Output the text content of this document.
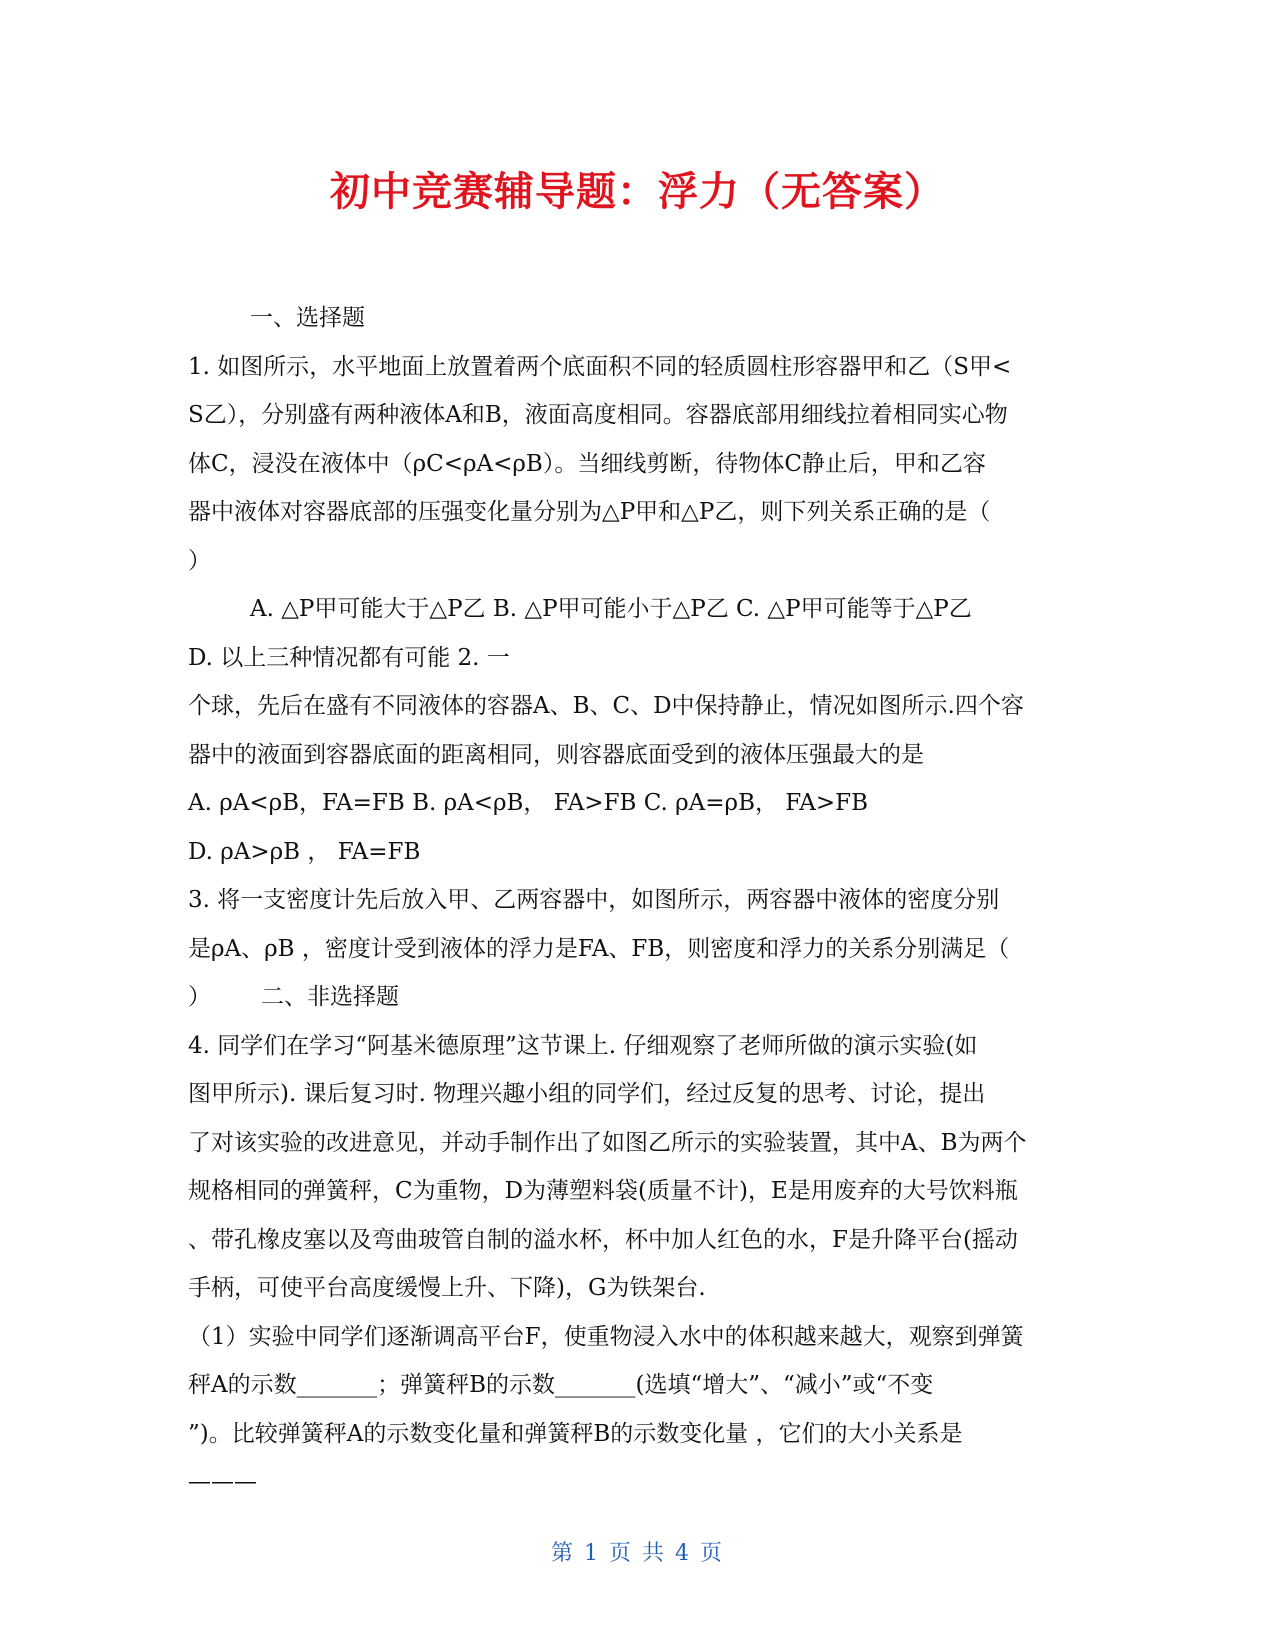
初中竞赛辅导题：浮力（无答案）
一、选择题
1. 如图所示，水平地面上放置着两个底面积不同的轻质圆柱形容器甲和乙（S甲<
S乙），分别盛有两种液体A和B，液面高度相同。容器底部用细线拉着相同实心物
体C，浸没在液体中（ρC<ρA<ρB）。当细线剪断，待物体C静止后，甲和乙容
器中液体对容器底部的压强变化量分别为△P甲和△P乙，则下列关系正确的是（
）
A. △P甲可能大于△P乙 B. △P甲可能小于△P乙 C. △P甲可能等于△P乙
D. 以上三种情况都有可能 2. 一
个球，先后在盛有不同液体的容器A、B、C、D中保持静止，情况如图所示.四个容
器中的液面到容器底面的距离相同，则容器底面受到的液体压强最大的是
A. ρA<ρB，FA=FB B. ρA<ρB， FA>FB C. ρA=ρB， FA>FB
D. ρA>ρB ， FA=FB
3. 将一支密度计先后放入甲、乙两容器中，如图所示，两容器中液体的密度分别
是ρA、ρB ，密度计受到液体的浮力是FA、FB，则密度和浮力的关系分别满足（
） 二、非选择题
4. 同学们在学习“阿基米德原理”这节课上. 仔细观察了老师所做的演示实验(如
图甲所示). 课后复习时. 物理兴趣小组的同学们，经过反复的思考、讨论，提出
了对该实验的改进意见，并动手制作出了如图乙所示的实验装置，其中A、B为两个
规格相同的弹簧秤，C为重物，D为薄塑料袋(质量不计)，E是用废弃的大号饮料瓶
、带孔橡皮塞以及弯曲玻管自制的溢水杯，杯中加人红色的水，F是升降平台(摇动
手柄，可使平台高度缓慢上升、下降)，G为铁架台.
（1）实验中同学们逐渐调高平台F，使重物浸入水中的体积越来越大，观察到弹簧
秤A的示数_______；弹簧秤B的示数_______(选填“增大”、“减小”或“不变
”)。比较弹簧秤A的示数变化量和弹簧秤B的示数变化量 ，它们的大小关系是
———
第 1 页 共 4 页
